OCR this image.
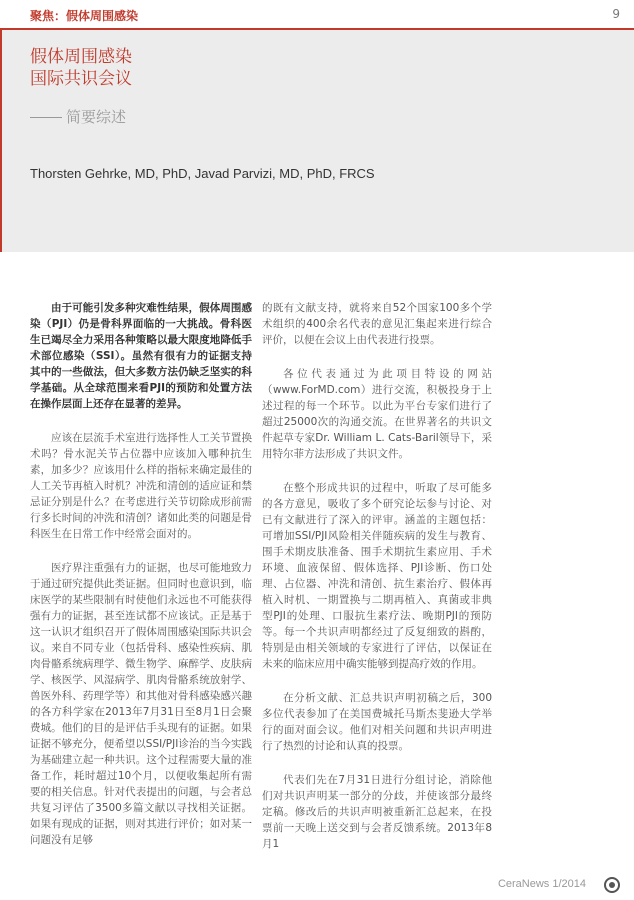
聚焦：假体周围感染	9
假体周围感染
国际共识会议
简要综述
Thorsten Gehrke, MD, PhD, Javad Parvizi, MD, PhD, FRCS

由于可能引发多种灾难性结果，假体周围感染（PJI）仍是骨科界面临的一大挑战。骨科医生已竭尽全力采用各种策略以最大限度地降低手术部位感染（SSI）。虽然有很有力的证据支持其中的一些做法，但大多数方法仍缺乏坚实的科学基础。从全球范围来看PJI的预防和处置方法在操作层面上还存在显著的差异。

应该在层流手术室进行选择性人工关节置换术吗？骨水泥关节占位器中应该加入哪种抗生素，加多少？应该用什么样的指标来确定最佳的人工关节再植入时机？冲洗和清创的适应证和禁忌证分别是什么？在考虑进行关节切除成形前需行多长时间的冲洗和清创？诸如此类的问题是骨科医生在日常工作中经常会面对的。

医疗界注重强有力的证据，也尽可能地致力于通过研究提供此类证据。但同时也意识到，临床医学的某些限制有时使他们永远也不可能获得强有力的证据，甚至连试都不应该试。正是基于这一认识才组织召开了假体周围感染国际共识会议。来自不同专业（包括骨科、感染性疾病、肌肉骨骼系统病理学、微生物学、麻醉学、皮肤病学、核医学、风湿病学、肌肉骨骼系统放射学、兽医外科、药理学等）和其他对骨科感染感兴趣的各方科学家在2013年7月31日至8月1日会聚费城。他们的目的是评估手头现有的证据。如果证据不够充分，便希望以SSI/PJI诊治的当今实践为基础建立起一种共识。这个过程需要大量的准备工作，耗时超过10个月，以便收集起所有需要的相关信息。针对代表提出的问题，与会者总共复习评估了3500多篇文献以寻找相关证据。如果有现成的证据，则对其进行评价；如对某一问题没有足够

的既有文献支持，就将来自52个国家100多个学术组织的400余名代表的意见汇集起来进行综合评价，以便在会议上由代表进行投票。

各位代表通过为此项目特设的网站（www.ForMD.com）进行交流，积极投身于上述过程的每一个环节。以此为平台专家们进行了超过25000次的沟通交流。在世界著名的共识文件起草专家Dr. William L. Cats-Baril领导下，采用特尔菲方法形成了共识文件。

在整个形成共识的过程中，听取了尽可能多的各方意见，吸收了多个研究论坛参与讨论、对已有文献进行了深入的评审。涵盖的主题包括：可增加SSI/PJI风险相关伴随疾病的发生与教育、围手术期皮肤准备、围手术期抗生素应用、手术环境、血液保留、假体选择、PJI诊断、伤口处理、占位器、冲洗和清创、抗生素治疗、假体再植入时机、一期置换与二期再植入、真菌或非典型PJI的处理、口服抗生素疗法、晚期PJI的预防等。每一个共识声明都经过了反复细致的斟酌，特别是由相关领域的专家进行了评估，以保证在未来的临床应用中确实能够到提高疗效的作用。

在分析文献、汇总共识声明初稿之后，300多位代表参加了在美国费城托马斯杰斐逊大学举行的面对面会议。他们对相关问题和共识声明进行了热烈的讨论和认真的投票。

代表们先在7月31日进行分组讨论，消除他们对共识声明某一部分的分歧，并使该部分最终定稿。修改后的共识声明被重新汇总起来，在投票前一天晚上送交到与会者反馈系统。2013年8月1

CeraNews 1/2014
